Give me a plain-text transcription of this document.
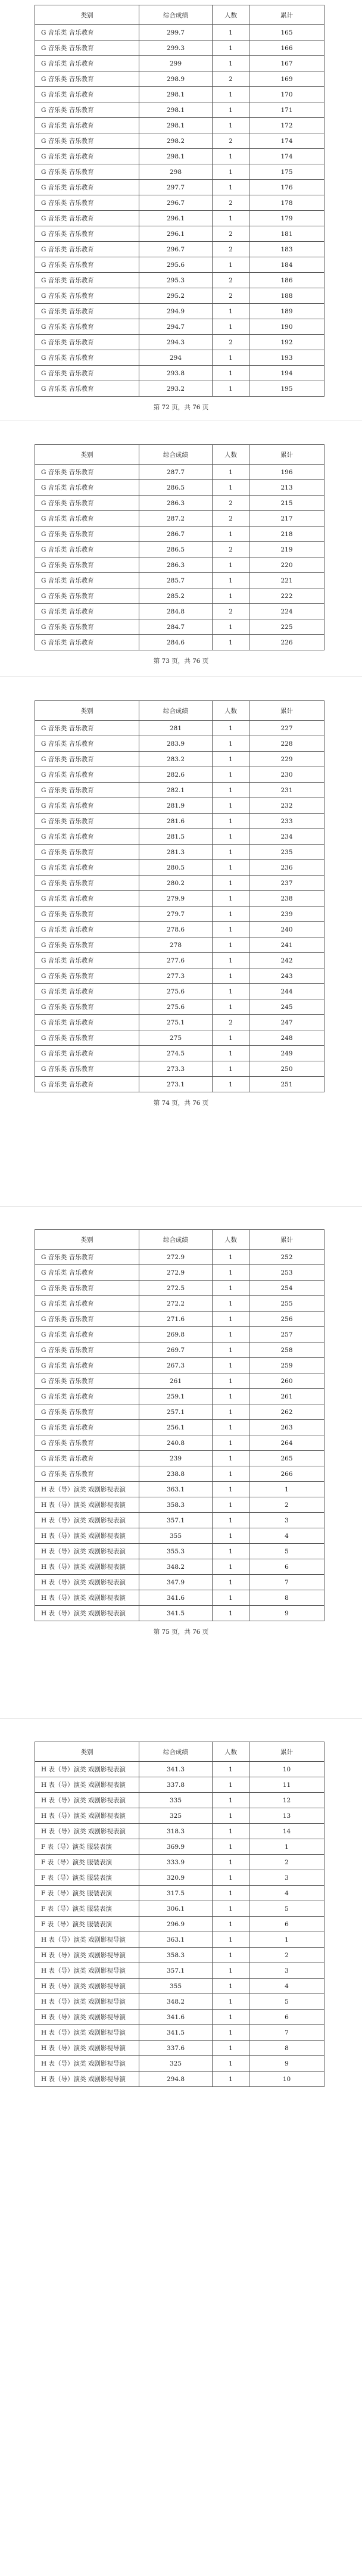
类别	综合成绩	人数	累计
G 音乐类 音乐教育	299.7	1	165
G 音乐类 音乐教育	299.3	1	166
G 音乐类 音乐教育	299	1	167
G 音乐类 音乐教育	298.9	2	169
G 音乐类 音乐教育	298.1	1	170
G 音乐类 音乐教育	298.1	1	171
G 音乐类 音乐教育	298.1	1	172
G 音乐类 音乐教育	298.2	2	174
G 音乐类 音乐教育	298.1	1	174
G 音乐类 音乐教育	298	1	175
G 音乐类 音乐教育	297.7	1	176
G 音乐类 音乐教育	296.7	2	178
G 音乐类 音乐教育	296.1	1	179
G 音乐类 音乐教育	296.1	2	181
G 音乐类 音乐教育	296.7	2	183
G 音乐类 音乐教育	295.6	1	184
G 音乐类 音乐教育	295.3	2	186
G 音乐类 音乐教育	295.2	2	188
G 音乐类 音乐教育	294.9	1	189
G 音乐类 音乐教育	294.7	1	190
G 音乐类 音乐教育	294.3	2	192
G 音乐类 音乐教育	294	1	193
G 音乐类 音乐教育	293.8	1	194
G 音乐类 音乐教育	293.2	1	195
第 72 页，共 76 页
类别	综合成绩	人数	累计
G 音乐类 音乐教育	287.7	1	196
G 音乐类 音乐教育	286.5	1	213
G 音乐类 音乐教育	286.3	2	215
G 音乐类 音乐教育	287.2	2	217
G 音乐类 音乐教育	286.7	1	218
G 音乐类 音乐教育	286.5	2	219
G 音乐类 音乐教育	286.3	1	220
G 音乐类 音乐教育	285.7	1	221
G 音乐类 音乐教育	285.2	1	222
G 音乐类 音乐教育	284.8	2	224
G 音乐类 音乐教育	284.7	1	225
G 音乐类 音乐教育	284.6	1	226
第 73 页，共 76 页
类别	综合成绩	人数	累计
G 音乐类 音乐教育	281	1	227
G 音乐类 音乐教育	283.9	1	228
G 音乐类 音乐教育	283.2	1	229
G 音乐类 音乐教育	282.6	1	230
G 音乐类 音乐教育	282.1	1	231
G 音乐类 音乐教育	281.9	1	232
G 音乐类 音乐教育	281.6	1	233
G 音乐类 音乐教育	281.5	1	234
G 音乐类 音乐教育	281.3	1	235
G 音乐类 音乐教育	280.5	1	236
G 音乐类 音乐教育	280.2	1	237
G 音乐类 音乐教育	279.9	1	238
G 音乐类 音乐教育	279.7	1	239
G 音乐类 音乐教育	278.6	1	240
G 音乐类 音乐教育	278	1	241
G 音乐类 音乐教育	277.6	1	242
G 音乐类 音乐教育	277.3	1	243
G 音乐类 音乐教育	275.6	1	244
G 音乐类 音乐教育	275.6	1	245
G 音乐类 音乐教育	275.1	2	247
G 音乐类 音乐教育	275	1	248
G 音乐类 音乐教育	274.5	1	249
G 音乐类 音乐教育	273.3	1	250
G 音乐类 音乐教育	273.1	1	251
第 74 页，共 76 页
类别	综合成绩	人数	累计
G 音乐类 音乐教育	272.9	1	252
G 音乐类 音乐教育	272.9	1	253
G 音乐类 音乐教育	272.5	1	254
G 音乐类 音乐教育	272.2	1	255
G 音乐类 音乐教育	271.6	1	256
G 音乐类 音乐教育	269.8	1	257
G 音乐类 音乐教育	269.7	1	258
G 音乐类 音乐教育	267.3	1	259
G 音乐类 音乐教育	261	1	260
G 音乐类 音乐教育	259.1	1	261
G 音乐类 音乐教育	257.1	1	262
G 音乐类 音乐教育	256.1	1	263
G 音乐类 音乐教育	240.8	1	264
G 音乐类 音乐教育	239	1	265
G 音乐类 音乐教育	238.8	1	266
H 表（导）演类 戏剧影视表演	363.1	1	1
H 表（导）演类 戏剧影视表演	358.3	1	2
H 表（导）演类 戏剧影视表演	357.1	1	3
H 表（导）演类 戏剧影视表演	355	1	4
H 表（导）演类 戏剧影视表演	355.3	1	5
H 表（导）演类 戏剧影视表演	348.2	1	6
H 表（导）演类 戏剧影视表演	347.9	1	7
H 表（导）演类 戏剧影视表演	341.6	1	8
H 表（导）演类 戏剧影视表演	341.5	1	9
第 75 页，共 76 页
类别	综合成绩	人数	累计
H 表（导）演类 戏剧影视表演	341.3	1	10
H 表（导）演类 戏剧影视表演	337.8	1	11
H 表（导）演类 戏剧影视表演	335	1	12
H 表（导）演类 戏剧影视表演	325	1	13
H 表（导）演类 戏剧影视表演	318.3	1	14
F 表（导）演类 服装表演	369.9	1	1
F 表（导）演类 服装表演	333.9	1	2
F 表（导）演类 服装表演	320.9	1	3
F 表（导）演类 服装表演	317.5	1	4
F 表（导）演类 服装表演	306.1	1	5
F 表（导）演类 服装表演	296.9	1	6
H 表（导）演类 戏剧影视导演	363.1	1	1
H 表（导）演类 戏剧影视导演	358.3	1	2
H 表（导）演类 戏剧影视导演	357.1	1	3
H 表（导）演类 戏剧影视导演	355	1	4
H 表（导）演类 戏剧影视导演	348.2	1	5
H 表（导）演类 戏剧影视导演	341.6	1	6
H 表（导）演类 戏剧影视导演	341.5	1	7
H 表（导）演类 戏剧影视导演	337.6	1	8
H 表（导）演类 戏剧影视导演	325	1	9
H 表（导）演类 戏剧影视导演	294.8	1	10
